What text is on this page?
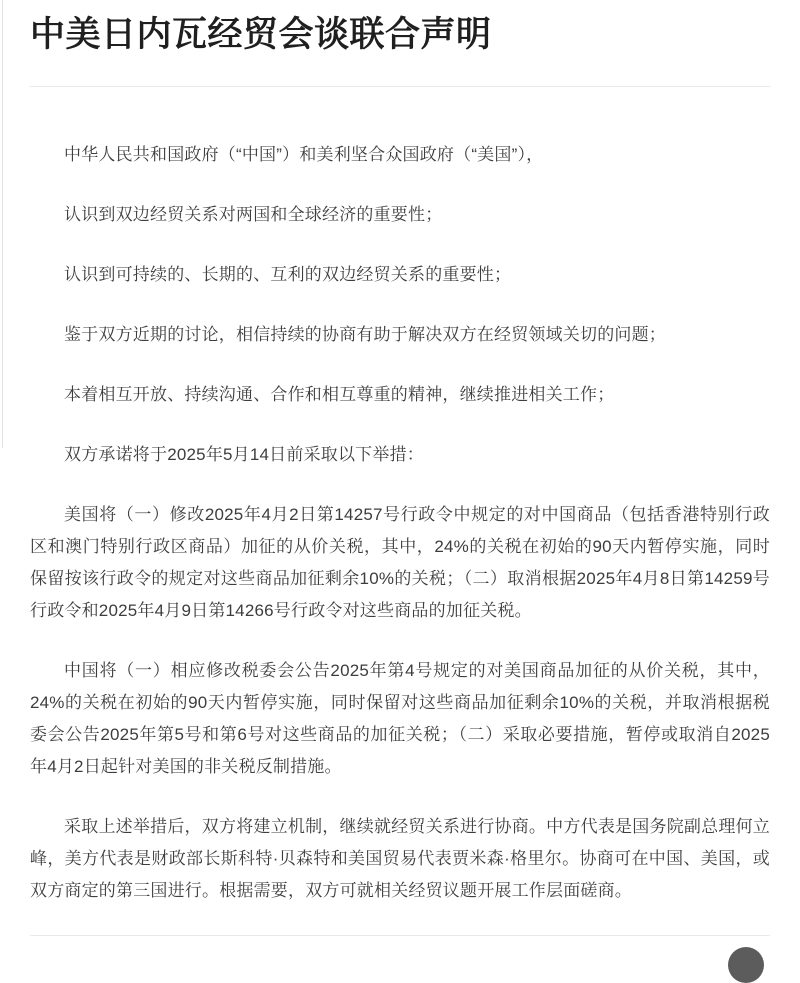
中美日内瓦经贸会谈联合声明

中华人民共和国政府（“中国”）和美利坚合众国政府（“美国”），

认识到双边经贸关系对两国和全球经济的重要性；

认识到可持续的、长期的、互利的双边经贸关系的重要性；

鉴于双方近期的讨论，相信持续的协商有助于解决双方在经贸领域关切的问题；

本着相互开放、持续沟通、合作和相互尊重的精神，继续推进相关工作；

双方承诺将于2025年5月14日前采取以下举措：

美国将（一）修改2025年4月2日第14257号行政令中规定的对中国商品（包括香港特别行政区和澳门特别行政区商品）加征的从价关税，其中，24%的关税在初始的90天内暂停实施，同时保留按该行政令的规定对这些商品加征剩余10%的关税；（二）取消根据2025年4月8日第14259号行政令和2025年4月9日第14266号行政令对这些商品的加征关税。

中国将（一）相应修改税委会公告2025年第4号规定的对美国商品加征的从价关税，其中，24%的关税在初始的90天内暂停实施，同时保留对这些商品加征剩余10%的关税，并取消根据税委会公告2025年第5号和第6号对这些商品的加征关税；（二）采取必要措施，暂停或取消自2025年4月2日起针对美国的非关税反制措施。

采取上述举措后，双方将建立机制，继续就经贸关系进行协商。中方代表是国务院副总理何立峰，美方代表是财政部长斯科特·贝森特和美国贸易代表贾米森·格里尔。协商可在中国、美国，或双方商定的第三国进行。根据需要，双方可就相关经贸议题开展工作层面磋商。
